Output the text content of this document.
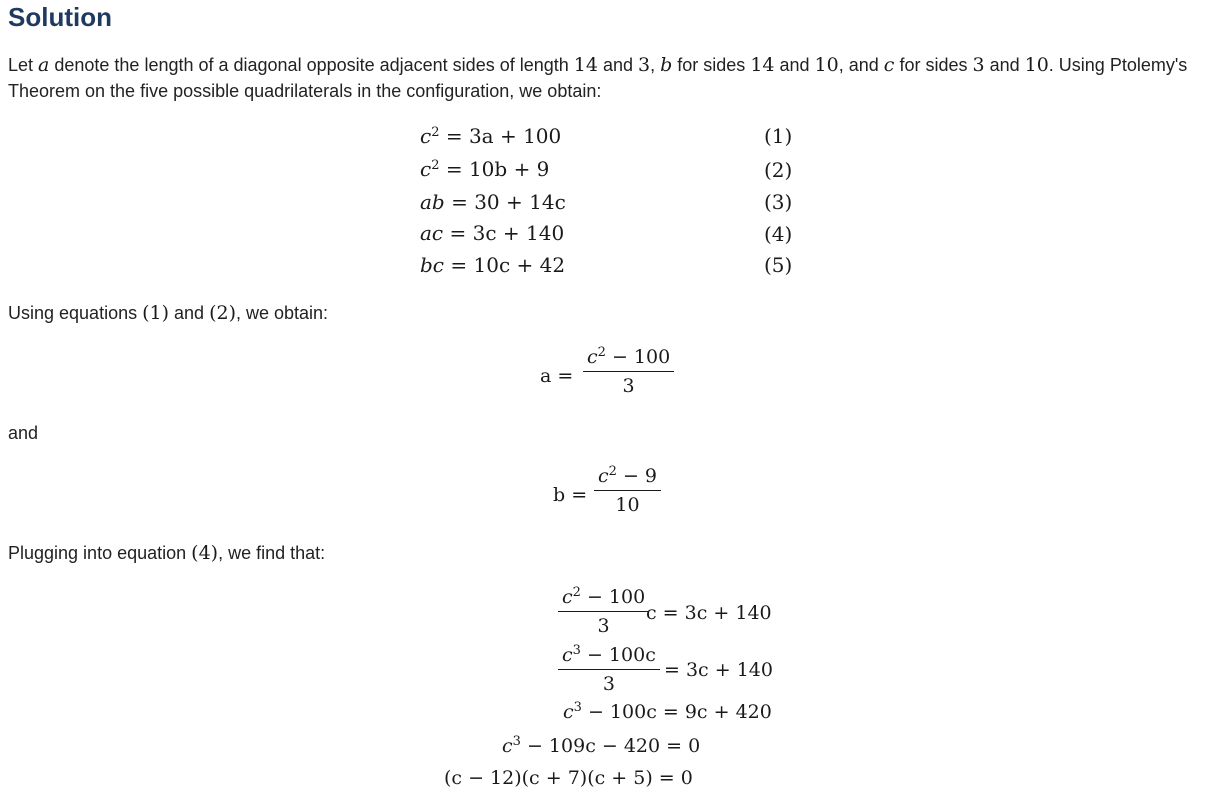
Solution
Let a denote the length of a diagonal opposite adjacent sides of length 14 and 3, b for sides 14 and 10, and c for sides 3 and 10. Using Ptolemy's
Theorem on the five possible quadrilaterals in the configuration, we obtain:
$c^2 = 3a + 100$	(1)
$c^2 = 10b + 9$	(2)
ab = 30 + 14c	(3)
ac = 3c + 140	(4)
bc = 10c + 42	(5)
Using equations (1) and (2), we obtain:
$a = \frac{c^2 - 100}{3}$
and
$b = \frac{c^2 - 9}{10}$
Plugging into equation (4), we find that:
$\frac{c^2 - 100}{3}$
c = 3c + 140
$\frac{c^3 - 100c}{3} = 3c + 140$
$c^3 - 100c = 9c + 420$
$c^3 - 109c - 420 = 0$
(c − 12)(c + 7)(c + 5) = 0
